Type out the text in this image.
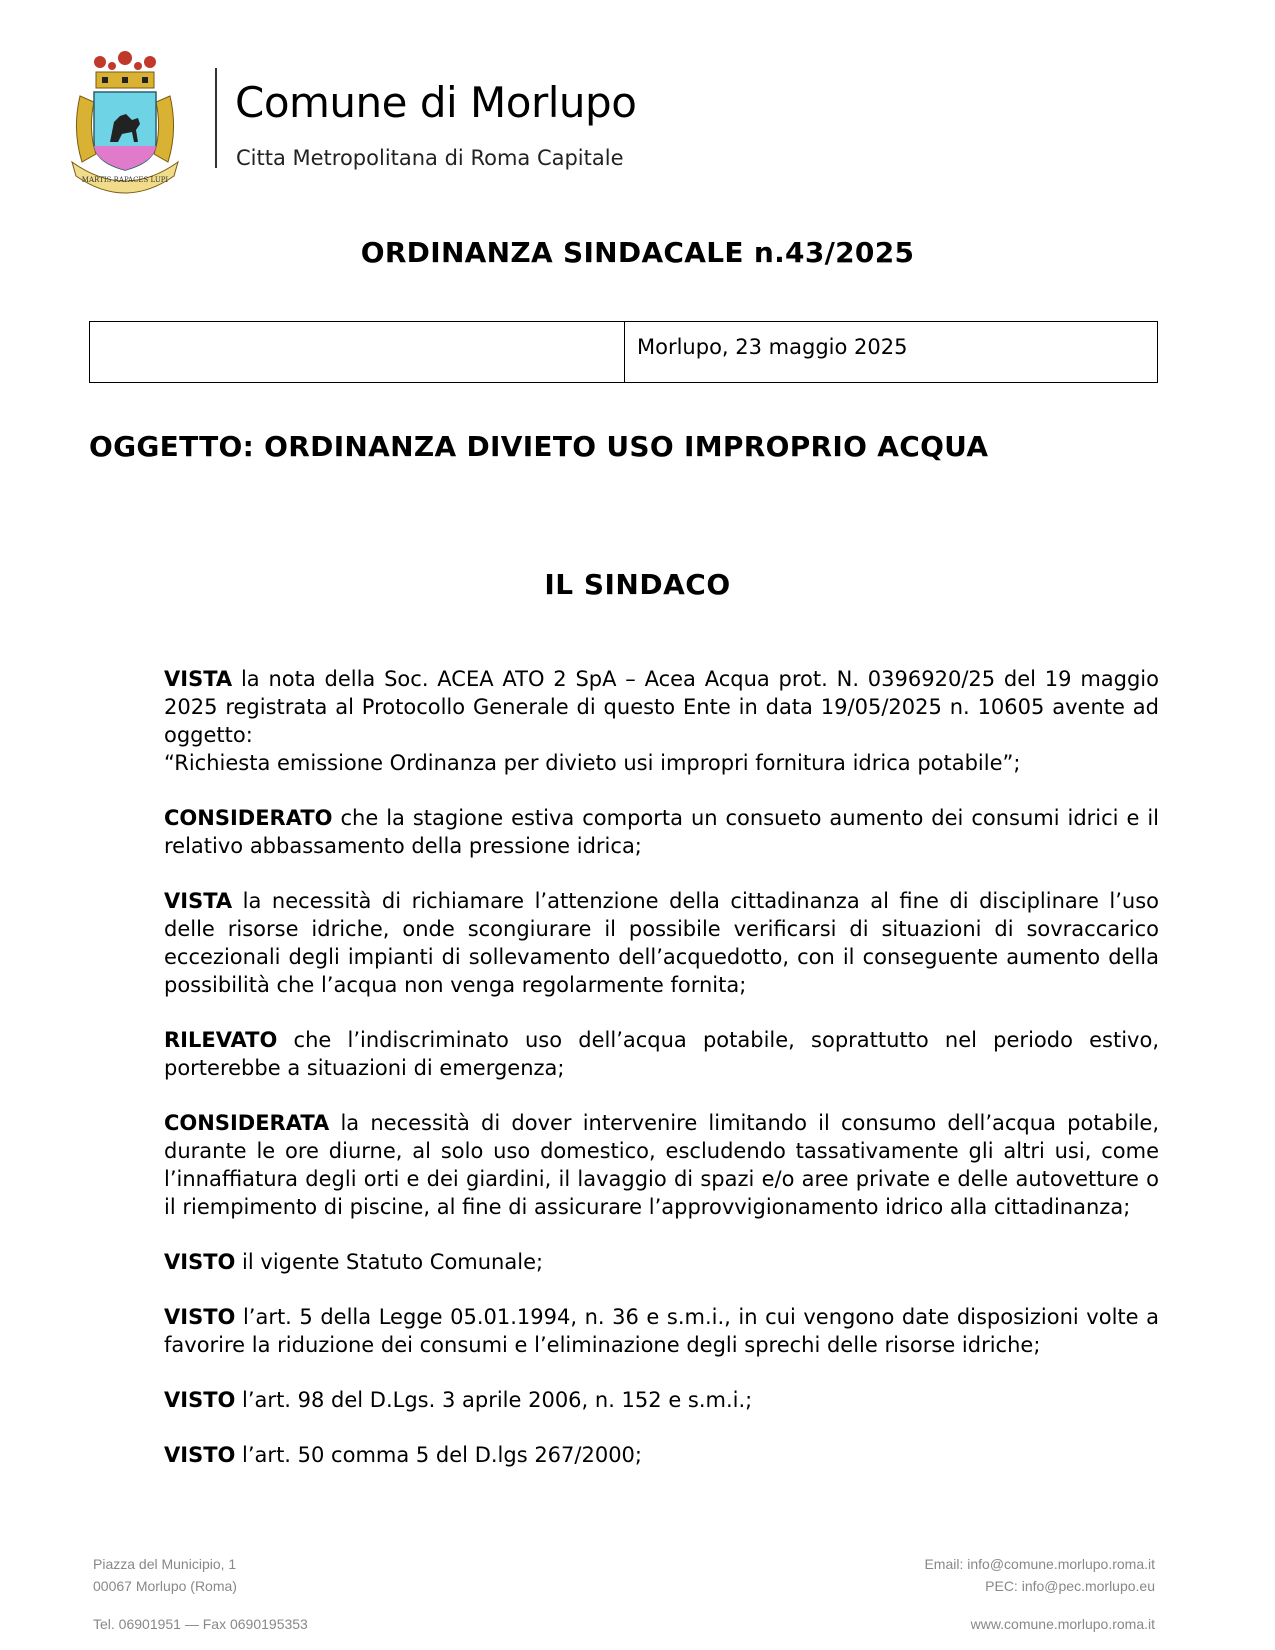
MARTIS RAPACES LUPI
Comune di Morlupo
Citta Metropolitana di Roma Capitale
ORDINANZA SINDACALE n.43/2025
Morlupo, 23 maggio 2025
OGGETTO: ORDINANZA DIVIETO USO IMPROPRIO ACQUA
IL SINDACO

VISTA la nota della Soc. ACEA ATO 2 SpA – Acea Acqua prot. N. 0396920/25 del 19 maggio 2025 registrata al Protocollo Generale di questo Ente in data 19/05/2025 n. 10605 avente ad oggetto:
“Richiesta emissione Ordinanza per divieto usi impropri fornitura idrica potabile”;

CONSIDERATO che la stagione estiva comporta un consueto aumento dei consumi idrici e il relativo abbassamento della pressione idrica;

VISTA la necessità di richiamare l’attenzione della cittadinanza al fine di disciplinare l’uso delle risorse idriche, onde scongiurare il possibile verificarsi di situazioni di sovraccarico eccezionali degli impianti di sollevamento dell’acquedotto, con il conseguente aumento della possibilità che l’acqua non venga regolarmente fornita;

RILEVATO che l’indiscriminato uso dell’acqua potabile, soprattutto nel periodo estivo, porterebbe a situazioni di emergenza;

CONSIDERATA la necessità di dover intervenire limitando il consumo dell’acqua potabile, durante le ore diurne, al solo uso domestico, escludendo tassativamente gli altri usi, come l’innaffiatura degli orti e dei giardini, il lavaggio di spazi e/o aree private e delle autovetture o il riempimento di piscine, al fine di assicurare l’approvvigionamento idrico alla cittadinanza;

VISTO il vigente Statuto Comunale;

VISTO l’art. 5 della Legge 05.01.1994, n. 36 e s.m.i., in cui vengono date disposizioni volte a favorire la riduzione dei consumi e l’eliminazione degli sprechi delle risorse idriche;

VISTO l’art. 98 del D.Lgs. 3 aprile 2006, n. 152 e s.m.i.;

VISTO l’art. 50 comma 5 del D.lgs 267/2000;

Piazza del Municipio, 1
00067 Morlupo (Roma)
Tel. 06901951 — Fax 0690195353
Email: info@comune.morlupo.roma.it
PEC: info@pec.morlupo.eu
www.comune.morlupo.roma.it
